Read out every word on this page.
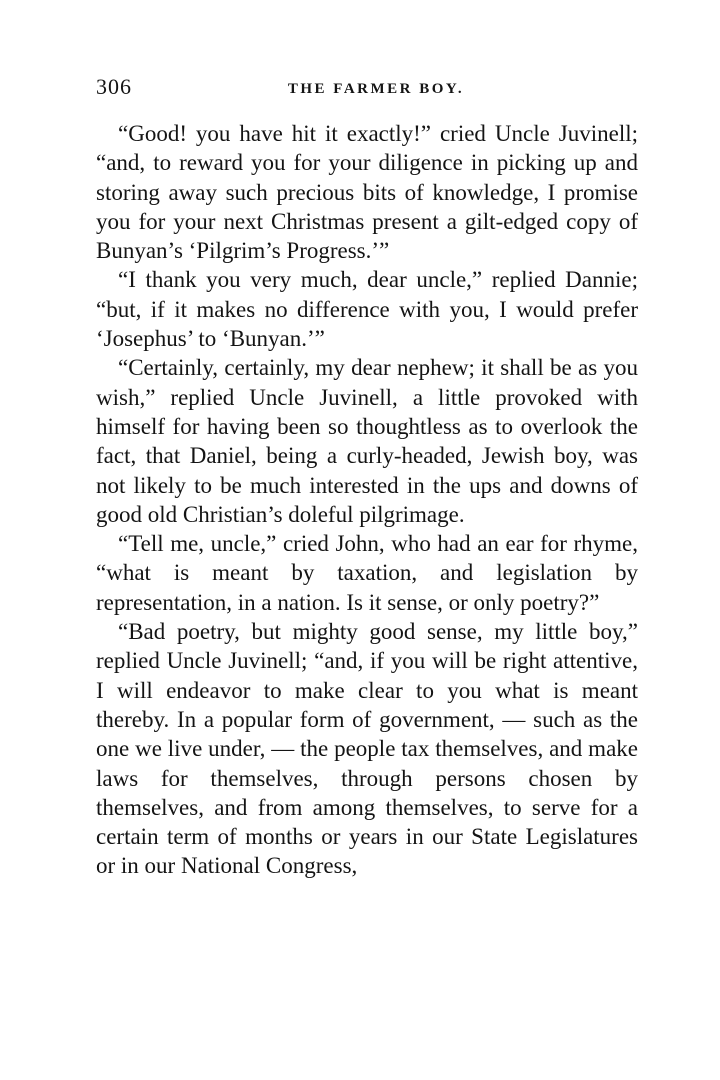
306	THE FARMER BOY.

“Good! you have hit it exactly!” cried Uncle Juvinell; “and, to reward you for your diligence in picking up and storing away such precious bits of knowledge, I promise you for your next Christmas present a gilt-edged copy of Bunyan’s ‘Pilgrim’s Progress.’”

“I thank you very much, dear uncle,” replied Dannie; “but, if it makes no difference with you, I would prefer ‘Josephus’ to ‘Bunyan.’”

“Certainly, certainly, my dear nephew; it shall be as you wish,” replied Uncle Juvinell, a little provoked with himself for having been so thoughtless as to overlook the fact, that Daniel, being a curly-headed, Jewish boy, was not likely to be much interested in the ups and downs of good old Christian’s doleful pilgrimage.

“Tell me, uncle,” cried John, who had an ear for rhyme, “what is meant by taxation, and legislation by representation, in a nation. Is it sense, or only poetry?”

“Bad poetry, but mighty good sense, my little boy,” replied Uncle Juvinell; “and, if you will be right attentive, I will endeavor to make clear to you what is meant thereby. In a popular form of government, — such as the one we live under, — the people tax themselves, and make laws for themselves, through persons chosen by themselves, and from among themselves, to serve for a certain term of months or years in our State Legislatures or in our National Congress,
